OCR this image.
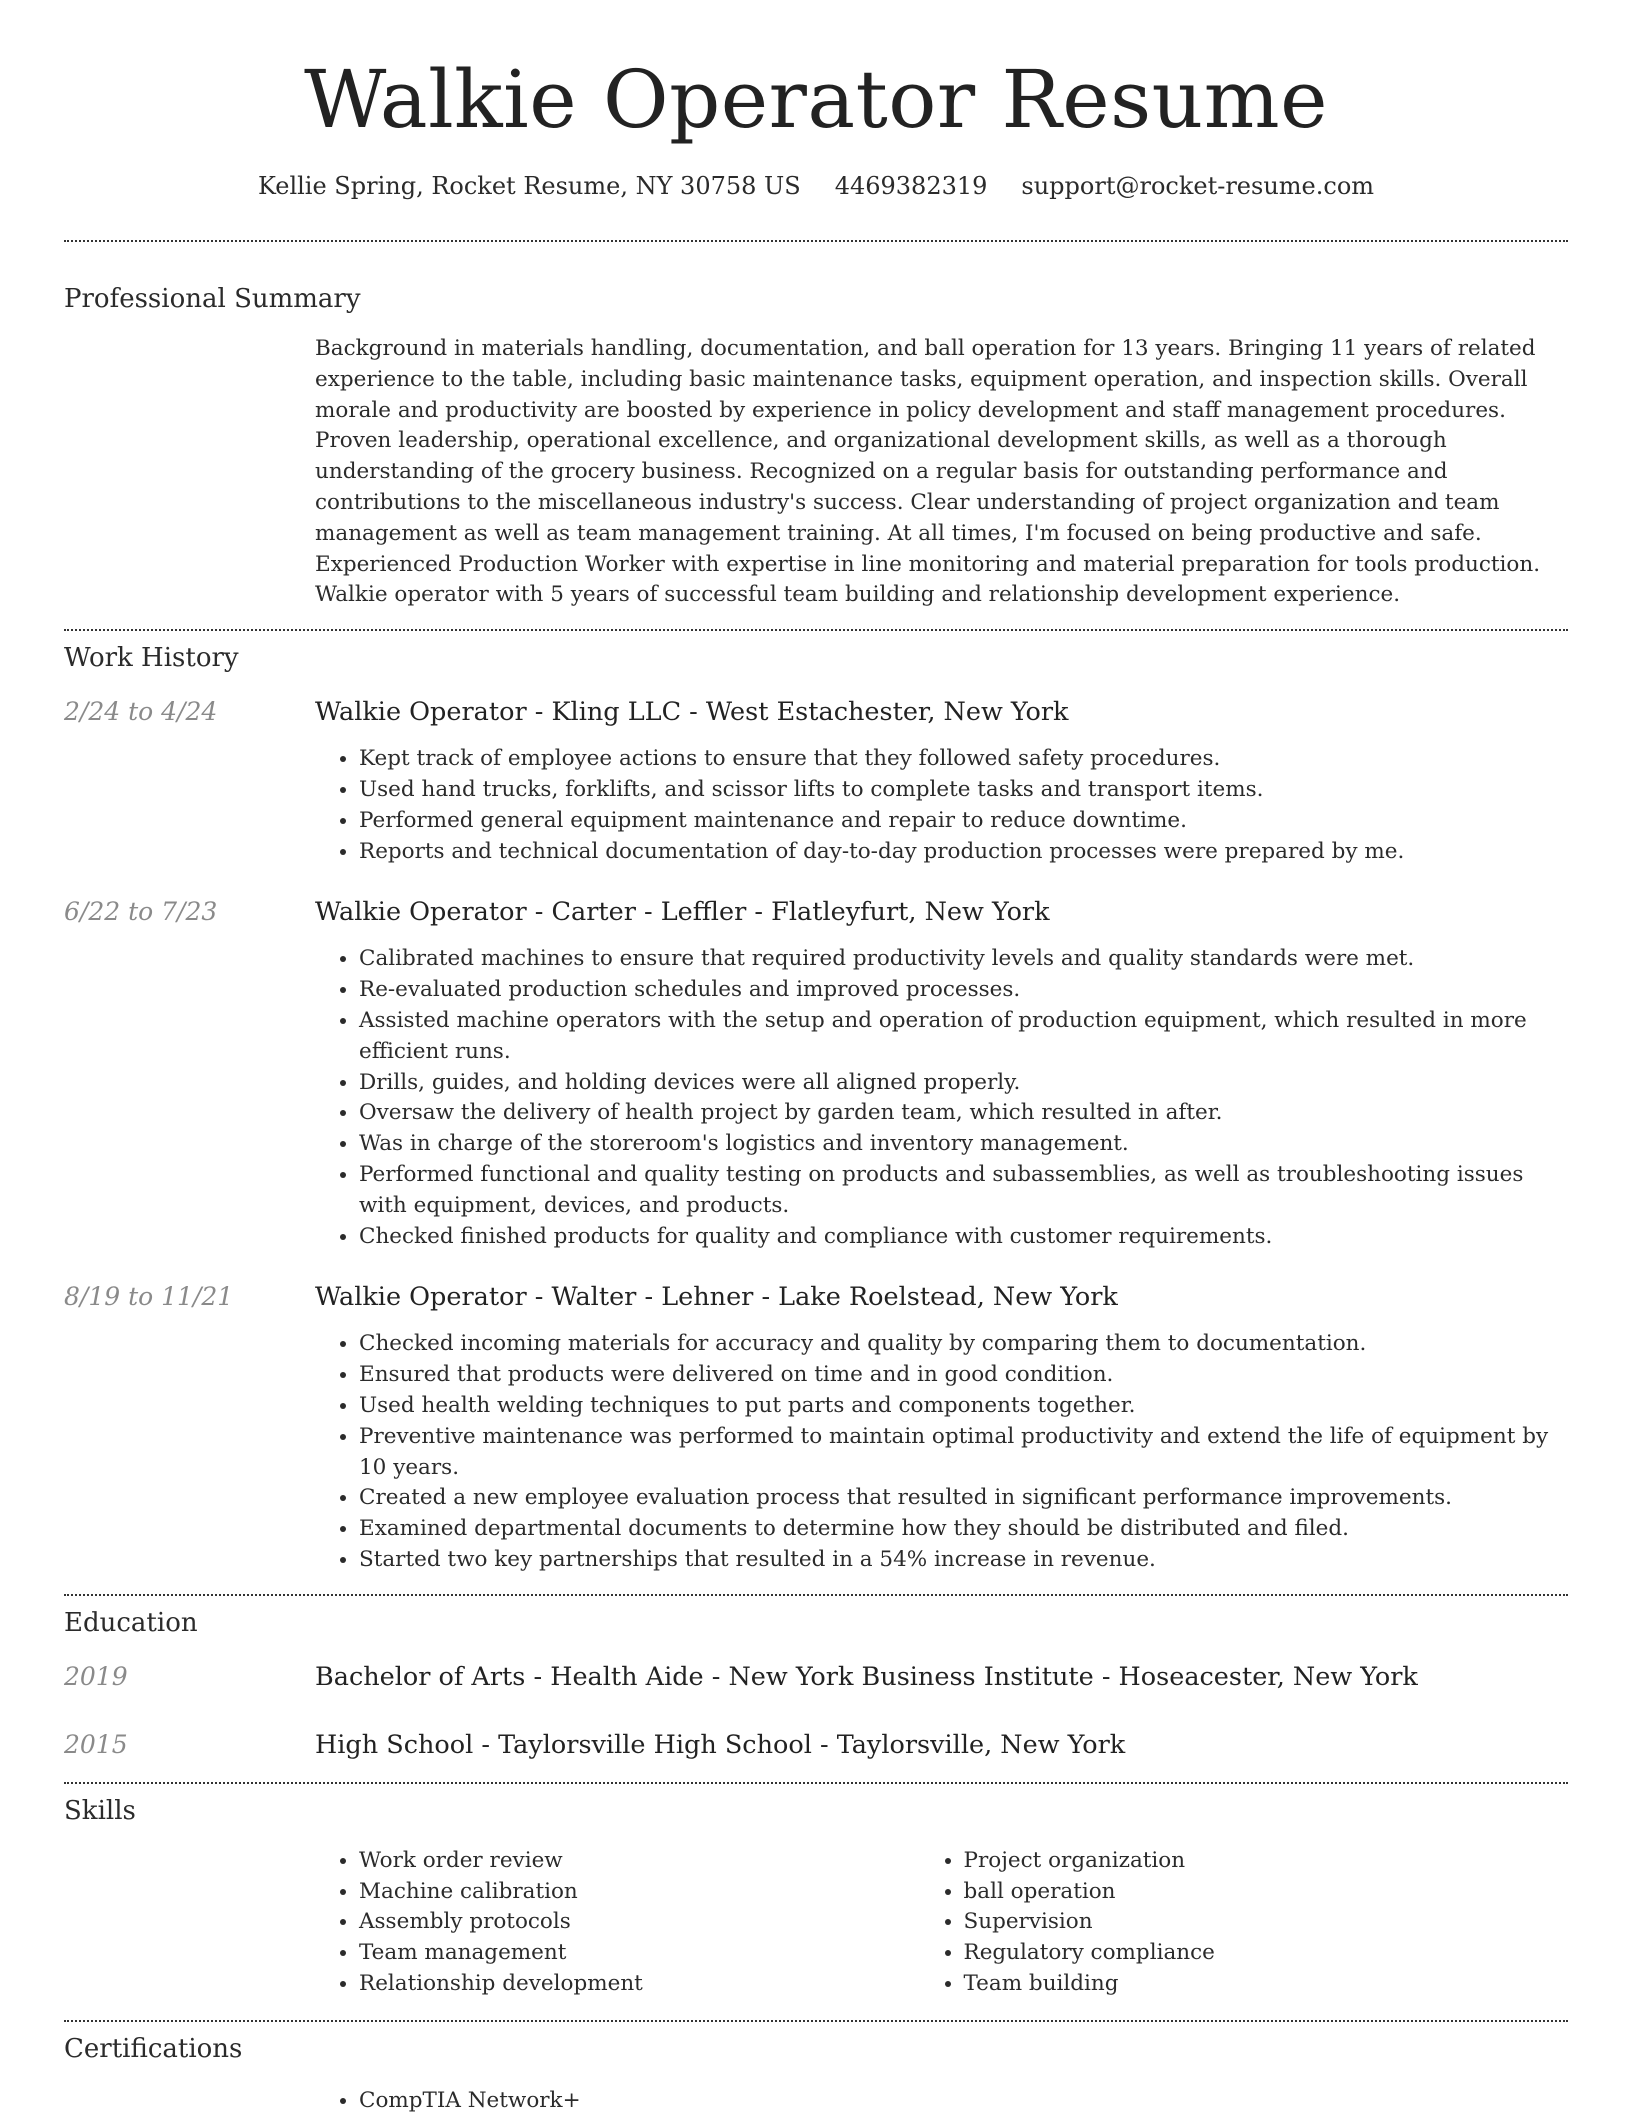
Walkie Operator Resume
Kellie Spring, Rocket Resume, NY 30758 US 4469382319 support@rocket-resume.com
Professional Summary
Background in materials handling, documentation, and ball operation for 13 years. Bringing 11 years of related experience to the table, including basic maintenance tasks, equipment operation, and inspection skills. Overall morale and productivity are boosted by experience in policy development and staff management procedures. Proven leadership, operational excellence, and organizational development skills, as well as a thorough understanding of the grocery business. Recognized on a regular basis for outstanding performance and contributions to the miscellaneous industry's success. Clear understanding of project organization and team management as well as team management training. At all times, I'm focused on being productive and safe. Experienced Production Worker with expertise in line monitoring and material preparation for tools production. Walkie operator with 5 years of successful team building and relationship development experience.
Work History
2/24 to 4/24	Walkie Operator - Kling LLC - West Estachester, New York
• Kept track of employee actions to ensure that they followed safety procedures.
• Used hand trucks, forklifts, and scissor lifts to complete tasks and transport items.
• Performed general equipment maintenance and repair to reduce downtime.
• Reports and technical documentation of day-to-day production processes were prepared by me.
6/22 to 7/23	Walkie Operator - Carter - Leffler - Flatleyfurt, New York
• Calibrated machines to ensure that required productivity levels and quality standards were met.
• Re-evaluated production schedules and improved processes.
• Assisted machine operators with the setup and operation of production equipment, which resulted in more efficient runs.
• Drills, guides, and holding devices were all aligned properly.
• Oversaw the delivery of health project by garden team, which resulted in after.
• Was in charge of the storeroom's logistics and inventory management.
• Performed functional and quality testing on products and subassemblies, as well as troubleshooting issues with equipment, devices, and products.
• Checked finished products for quality and compliance with customer requirements.
8/19 to 11/21	Walkie Operator - Walter - Lehner - Lake Roelstead, New York
• Checked incoming materials for accuracy and quality by comparing them to documentation.
• Ensured that products were delivered on time and in good condition.
• Used health welding techniques to put parts and components together.
• Preventive maintenance was performed to maintain optimal productivity and extend the life of equipment by 10 years.
• Created a new employee evaluation process that resulted in significant performance improvements.
• Examined departmental documents to determine how they should be distributed and filed.
• Started two key partnerships that resulted in a 54% increase in revenue.
Education
2019	Bachelor of Arts - Health Aide - New York Business Institute - Hoseacester, New York
2015	High School - Taylorsville High School - Taylorsville, New York
Skills
• Work order review
• Machine calibration
• Assembly protocols
• Team management
• Relationship development
• Project organization
• ball operation
• Supervision
• Regulatory compliance
• Team building
Certifications
• CompTIA Network+
